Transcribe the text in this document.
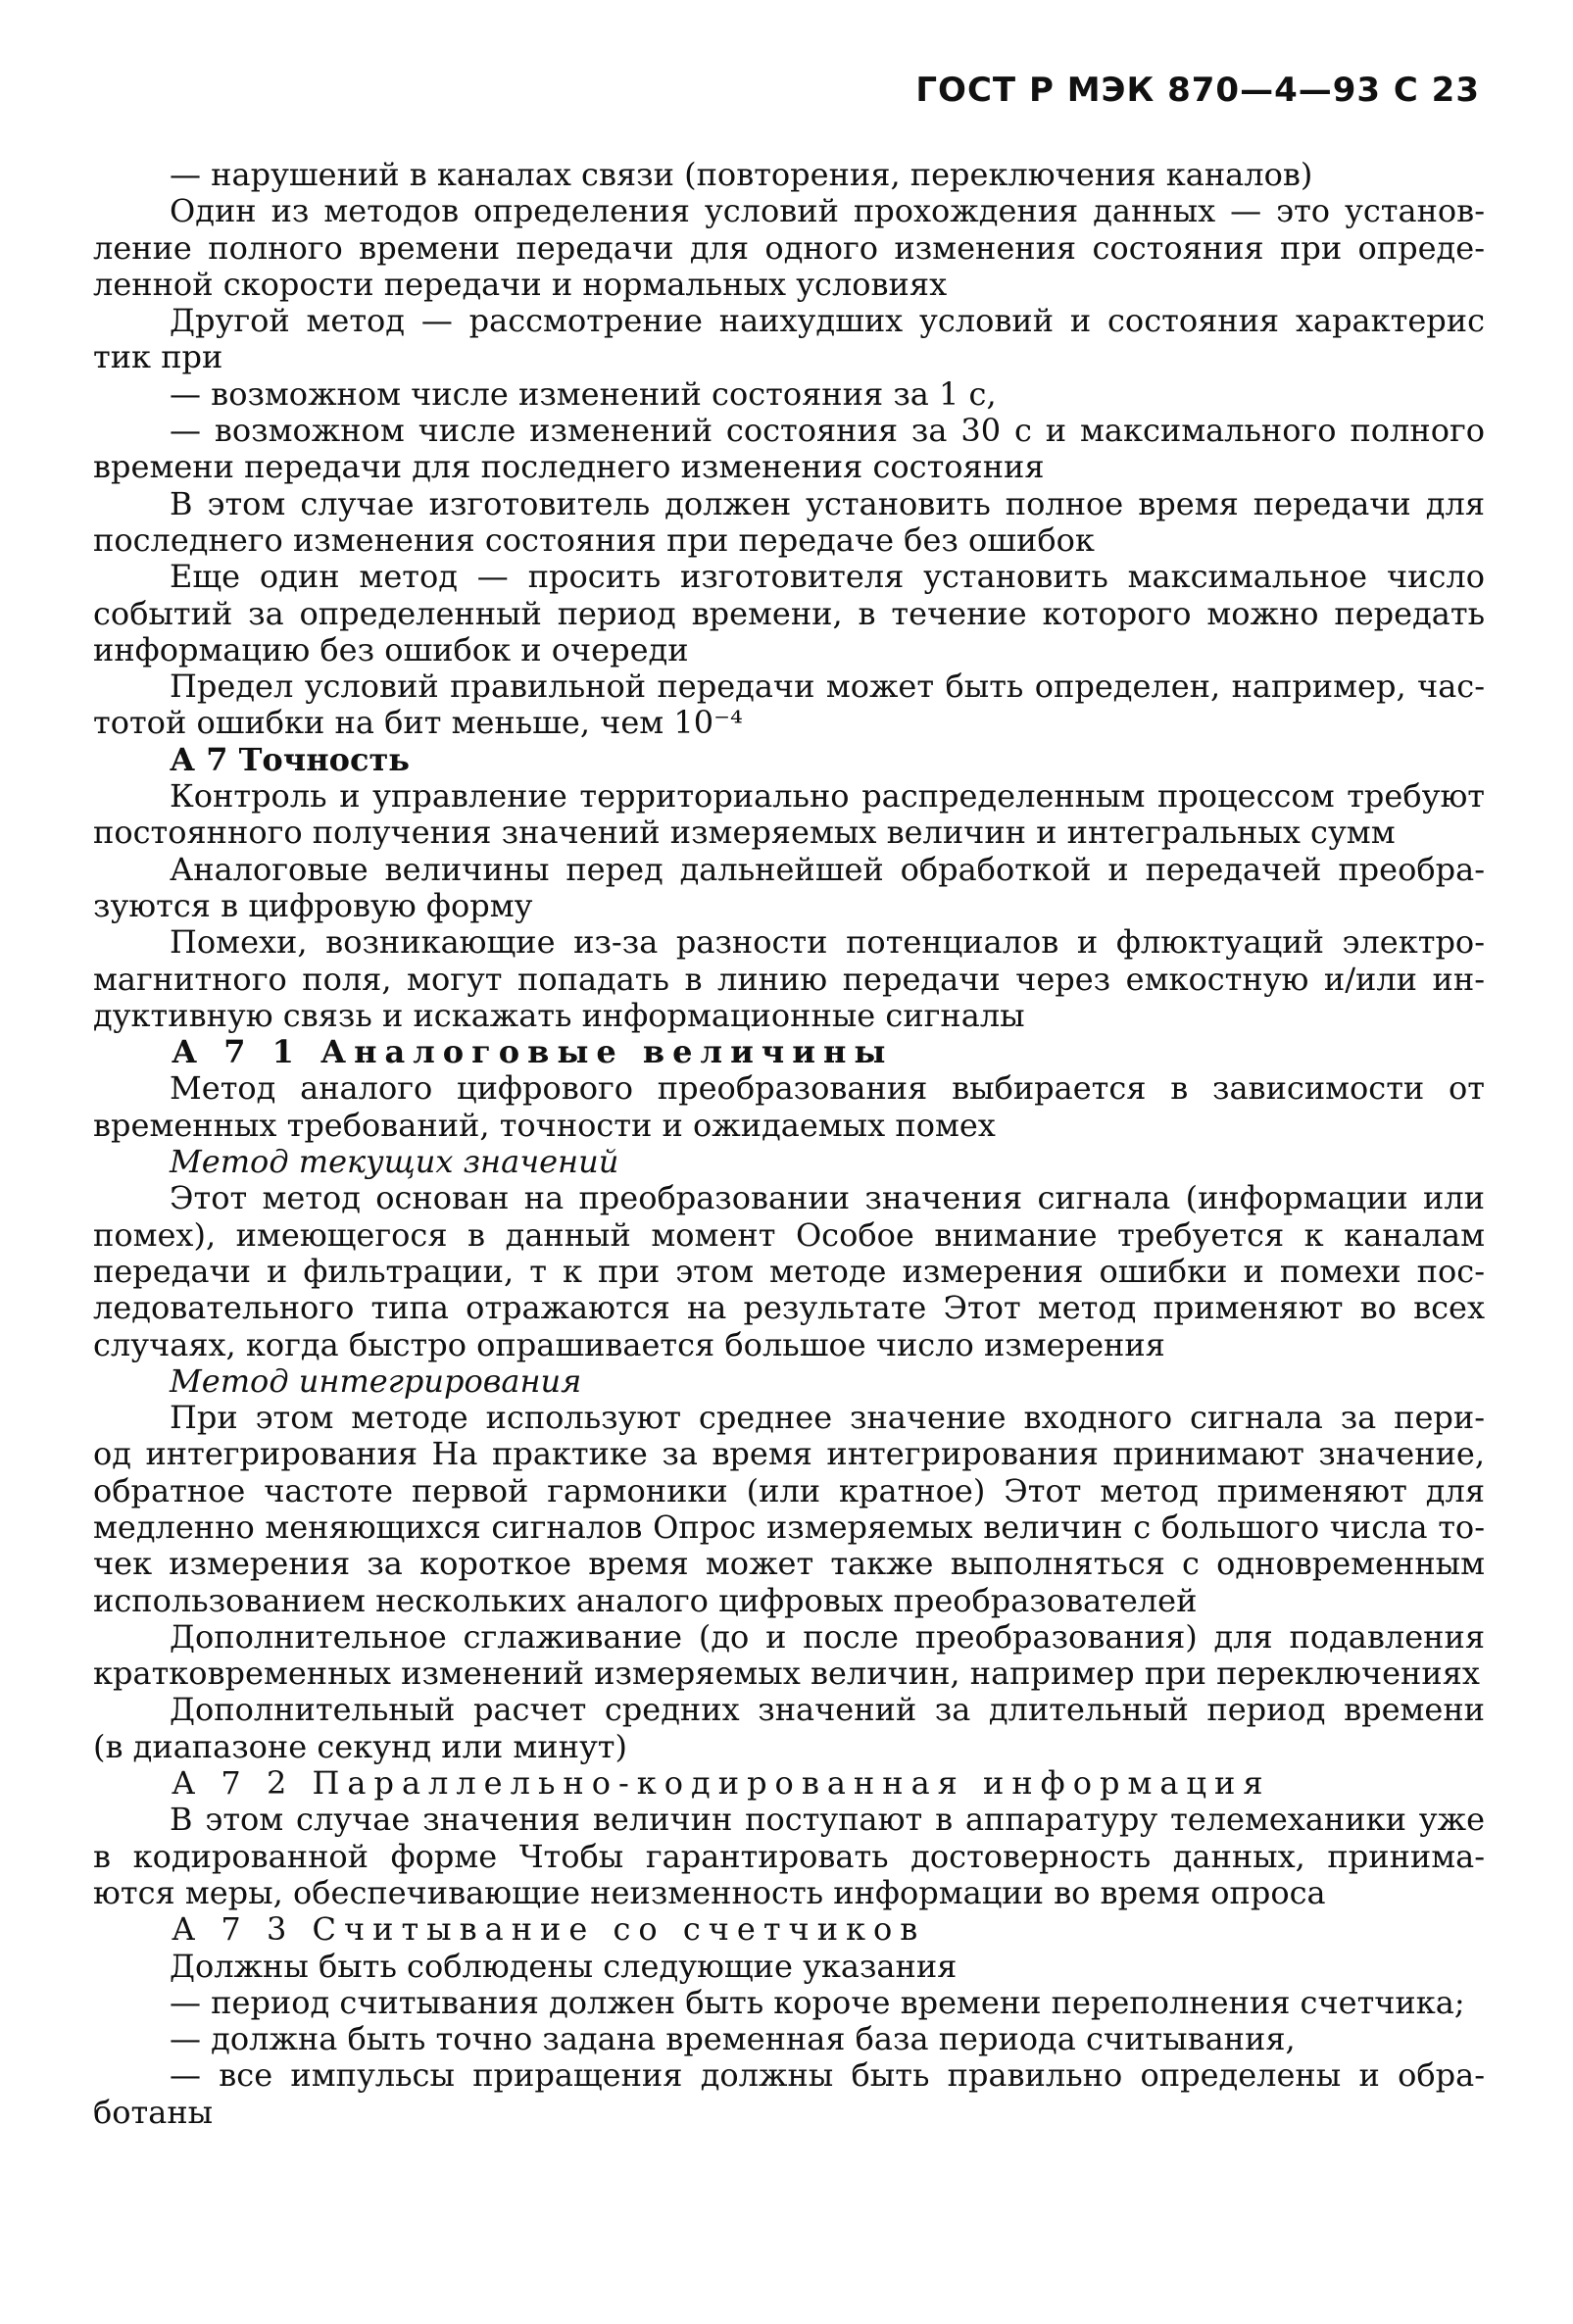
ГОСТ Р МЭК 870—4—93 С 23
— нарушений в каналах связи (повторения, переключения каналов)
Один из методов определения условий прохождения данных — это установ-
ление полного времени передачи для одного изменения состояния при опреде-
ленной скорости передачи и нормальных условиях
Другой метод — рассмотрение наихудших условий и состояния характерис
тик при
— возможном числе изменений состояния за 1 с,
— возможном числе изменений состояния за 30 с и максимального полного
времени передачи для последнего изменения состояния
В этом случае изготовитель должен установить полное время передачи для
последнего изменения состояния при передаче без ошибок
Еще один метод — просить изготовителя установить максимальное число
событий за определенный период времени, в течение которого можно передать
информацию без ошибок и очереди
Предел условий правильной передачи может быть определен, например, час-
тотой ошибки на бит меньше, чем 10⁻⁴
А 7 Точность
Контроль и управление территориально распределенным процессом требуют
постоянного получения значений измеряемых величин и интегральных сумм
Аналоговые величины перед дальнейшей обработкой и передачей преобра-
зуются в цифровую форму
Помехи, возникающие из-за разности потенциалов и флюктуаций электро-
магнитного поля, могут попадать в линию передачи через емкостную и/или ин-
дуктивную связь и искажать информационные сигналы
А 7 1 Аналоговые величины
Метод аналого цифрового преобразования выбирается в зависимости от
временных требований, точности и ожидаемых помех
Метод текущих значений
Этот метод основан на преобразовании значения сигнала (информации или
помех), имеющегося в данный момент Особое внимание требуется к каналам
передачи и фильтрации, т к при этом методе измерения ошибки и помехи пос-
ледовательного типа отражаются на результате Этот метод применяют во всех
случаях, когда быстро опрашивается большое число измерения
Метод интегрирования
При этом методе используют среднее значение входного сигнала за пери-
од интегрирования На практике за время интегрирования принимают значение,
обратное частоте первой гармоники (или кратное) Этот метод применяют для
медленно меняющихся сигналов Опрос измеряемых величин с большого числа то-
чек измерения за короткое время может также выполняться с одновременным
использованием нескольких аналого цифровых преобразователей
Дополнительное сглаживание (до и после преобразования) для подавления
кратковременных изменений измеряемых величин, например при переключениях
Дополнительный расчет средних значений за длительный период времени
(в диапазоне секунд или минут)
А 7 2 Параллельно-кодированная информация
В этом случае значения величин поступают в аппаратуру телемеханики уже
в кодированной форме Чтобы гарантировать достоверность данных, принима-
ются меры, обеспечивающие неизменность информации во время опроса
А 7 3 Считывание со счетчиков
Должны быть соблюдены следующие указания
— период считывания должен быть короче времени переполнения счетчика;
— должна быть точно задана временная база периода считывания,
— все импульсы приращения должны быть правильно определены и обра-
ботаны
